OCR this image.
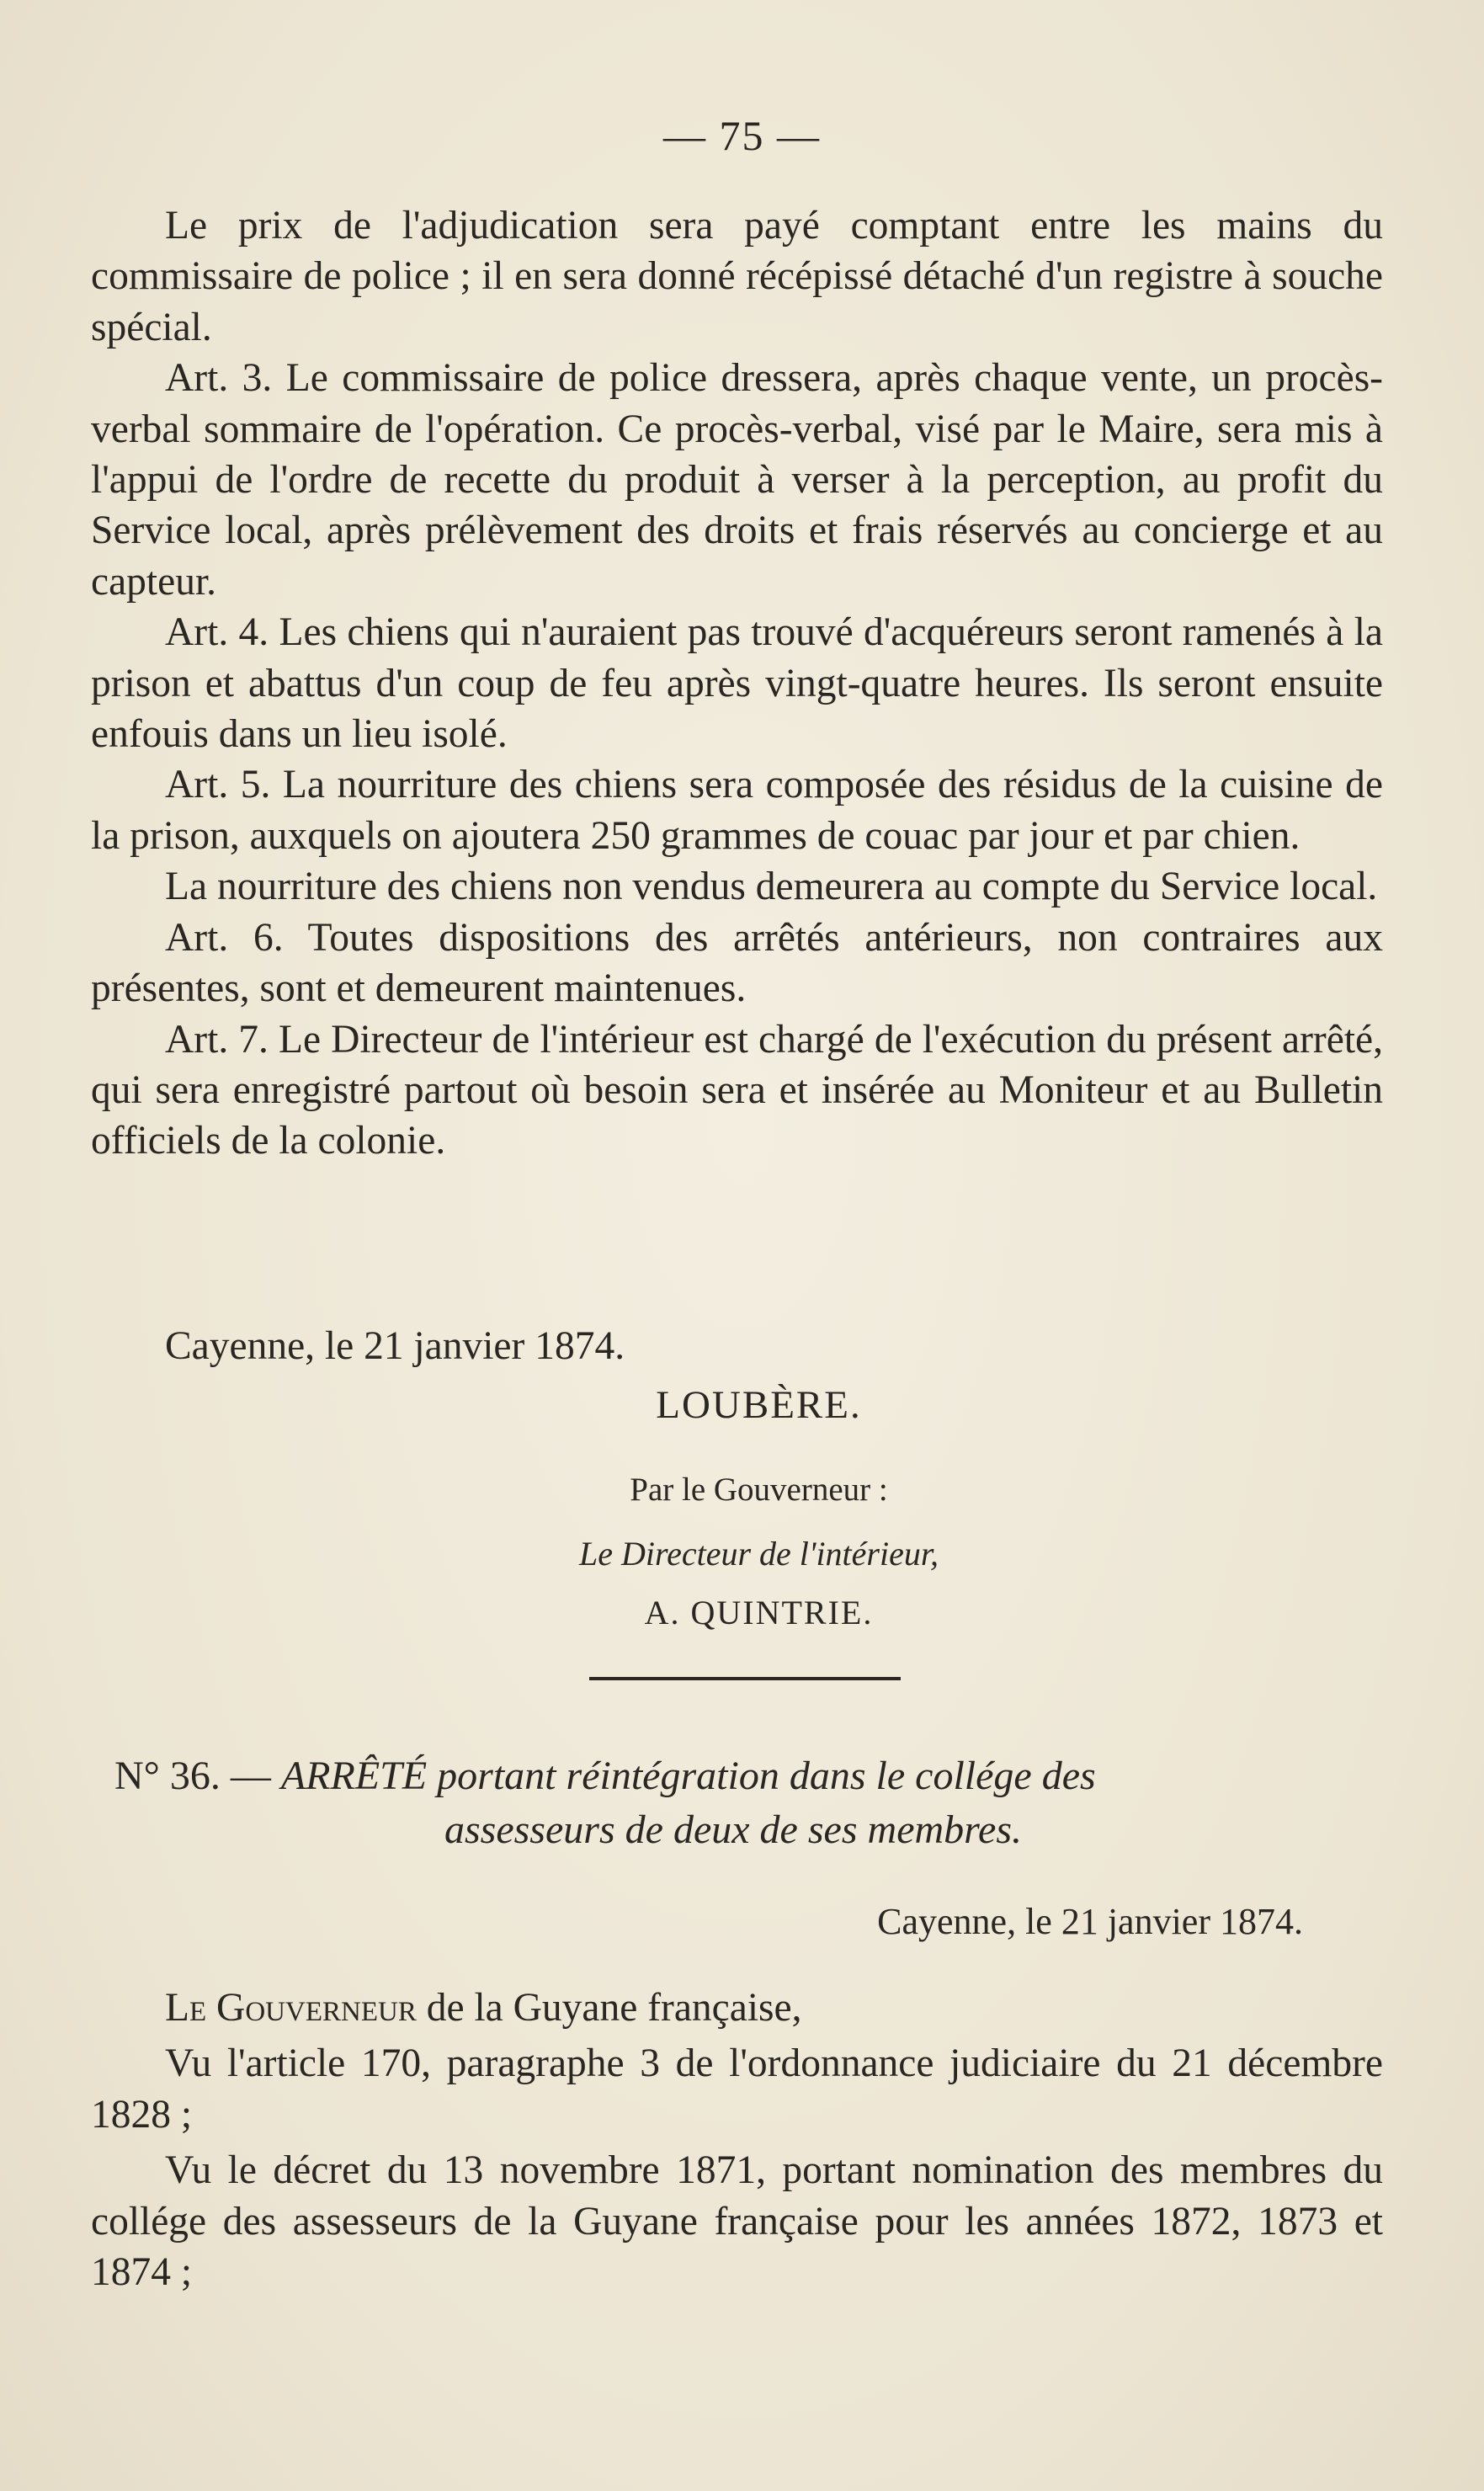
— 75 —

Le prix de l'adjudication sera payé comptant entre les mains du commissaire de police ; il en sera donné récépissé détaché d'un registre à souche spécial.

Art. 3. Le commissaire de police dressera, après chaque vente, un procès-verbal sommaire de l'opération. Ce procès-verbal, visé par le Maire, sera mis à l'appui de l'ordre de recette du produit à verser à la perception, au profit du Service local, après prélèvement des droits et frais réservés au concierge et au capteur.

Art. 4. Les chiens qui n'auraient pas trouvé d'acquéreurs seront ramenés à la prison et abattus d'un coup de feu après vingt-quatre heures. Ils seront ensuite enfouis dans un lieu isolé.

Art. 5. La nourriture des chiens sera composée des résidus de la cuisine de la prison, auxquels on ajoutera 250 grammes de couac par jour et par chien.

La nourriture des chiens non vendus demeurera au compte du Service local.

Art. 6. Toutes dispositions des arrêtés antérieurs, non contraires aux présentes, sont et demeurent maintenues.

Art. 7. Le Directeur de l'intérieur est chargé de l'exécution du présent arrêté, qui sera enregistré partout où besoin sera et insérée au Moniteur et au Bulletin officiels de la colonie.

Cayenne, le 21 janvier 1874.
LOUBÈRE.
Par le Gouverneur :
Le Directeur de l'intérieur,
A. QUINTRIE.
N° 36. — ARRÊTÉ portant réintégration dans le collége des
assesseurs de deux de ses membres.
Cayenne, le 21 janvier 1874.

Le Gouverneur de la Guyane française,

Vu l'article 170, paragraphe 3 de l'ordonnance judiciaire du 21 décembre 1828 ;

Vu le décret du 13 novembre 1871, portant nomination des membres du collége des assesseurs de la Guyane française pour les années 1872, 1873 et 1874 ;
